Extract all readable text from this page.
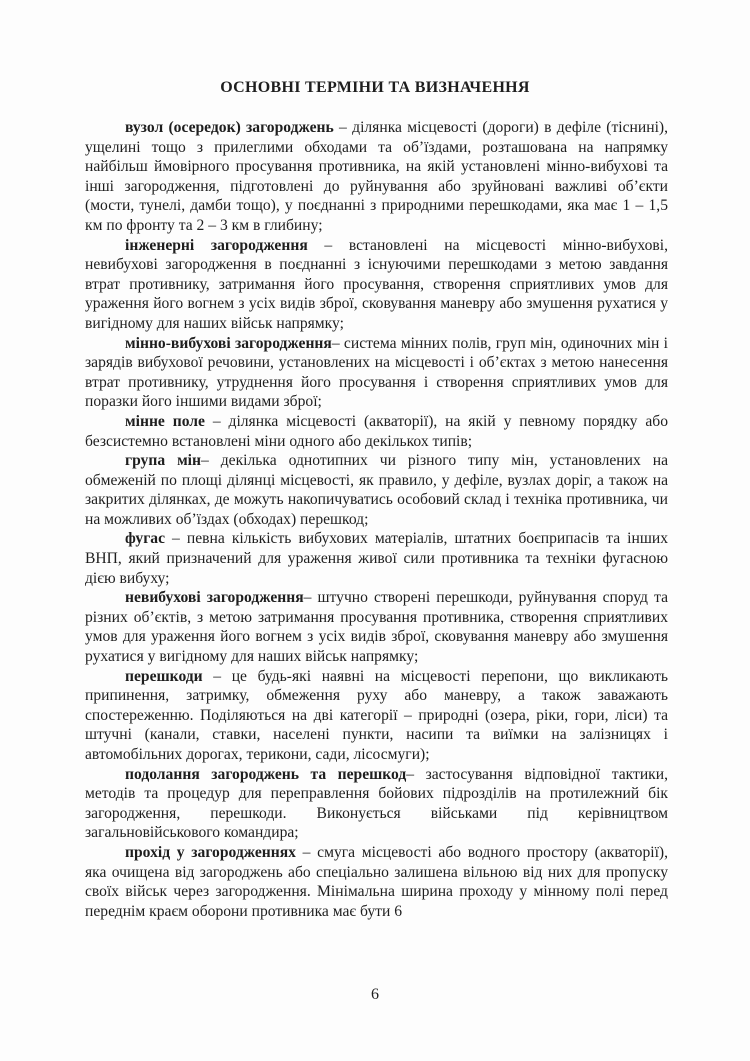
ОСНОВНІ ТЕРМІНИ ТА ВИЗНАЧЕННЯ

вузол (осередок) загороджень – ділянка місцевості (дороги) в дефіле (тіснині), ущелині тощо з прилеглими обходами та об’їздами, розташована на напрямку найбільш ймовірного просування противника, на якій установлені мінно-вибухові та інші загородження, підготовлені до руйнування або зруйновані важливі об’єкти (мости, тунелі, дамби тощо), у поєднанні з природними перешкодами, яка має 1 – 1,5 км по фронту та 2 – 3 км в глибину;

інженерні загородження – встановлені на місцевості мінно-вибухові, невибухові загородження в поєднанні з існуючими перешкодами з метою завдання втрат противнику, затримання його просування, створення сприятливих умов для ураження його вогнем з усіх видів зброї, сковування маневру або змушення рухатися у вигідному для наших військ напрямку;

мінно-вибухові загородження– система мінних полів, груп мін, одиночних мін і зарядів вибухової речовини, установлених на місцевості і об’єктах з метою нанесення втрат противнику, утруднення його просування і створення сприятливих умов для поразки його іншими видами зброї;

мінне поле – ділянка місцевості (акваторії), на якій у певному порядку або безсистемно встановлені міни одного або декількох типів;

група мін– декілька однотипних чи різного типу мін, установлених на обмеженій по площі ділянці місцевості, як правило, у дефіле, вузлах доріг, а також на закритих ділянках, де можуть накопичуватись особовий склад і техніка противника, чи на можливих об’їздах (обходах) перешкод;

фугас – певна кількість вибухових матеріалів, штатних боєприпасів та інших ВНП, який призначений для ураження живої сили противника та техніки фугасною дією вибуху;

невибухові загородження– штучно створені перешкоди, руйнування споруд та різних об’єктів, з метою затримання просування противника, створення сприятливих умов для ураження його вогнем з усіх видів зброї, сковування маневру або змушення рухатися у вигідному для наших військ напрямку;

перешкоди – це будь-які наявні на місцевості перепони, що викликають припинення, затримку, обмеження руху або маневру, а також заважають спостереженню. Поділяються на дві категорії – природні (озера, ріки, гори, ліси) та штучні (канали, ставки, населені пункти, насипи та виїмки на залізницях і автомобільних дорогах, терикони, сади, лісосмуги);

подолання загороджень та перешкод– застосування відповідної тактики, методів та процедур для переправлення бойових підрозділів на протилежний бік загородження, перешкоди. Виконується військами під керівництвом загальновійськового командира;

прохід у загородженнях – смуга місцевості або водного простору (акваторії), яка очищена від загороджень або спеціально залишена вільною від них для пропуску своїх військ через загородження. Мінімальна ширина проходу у мінному полі перед переднім краєм оборони противника має бути 6

6
